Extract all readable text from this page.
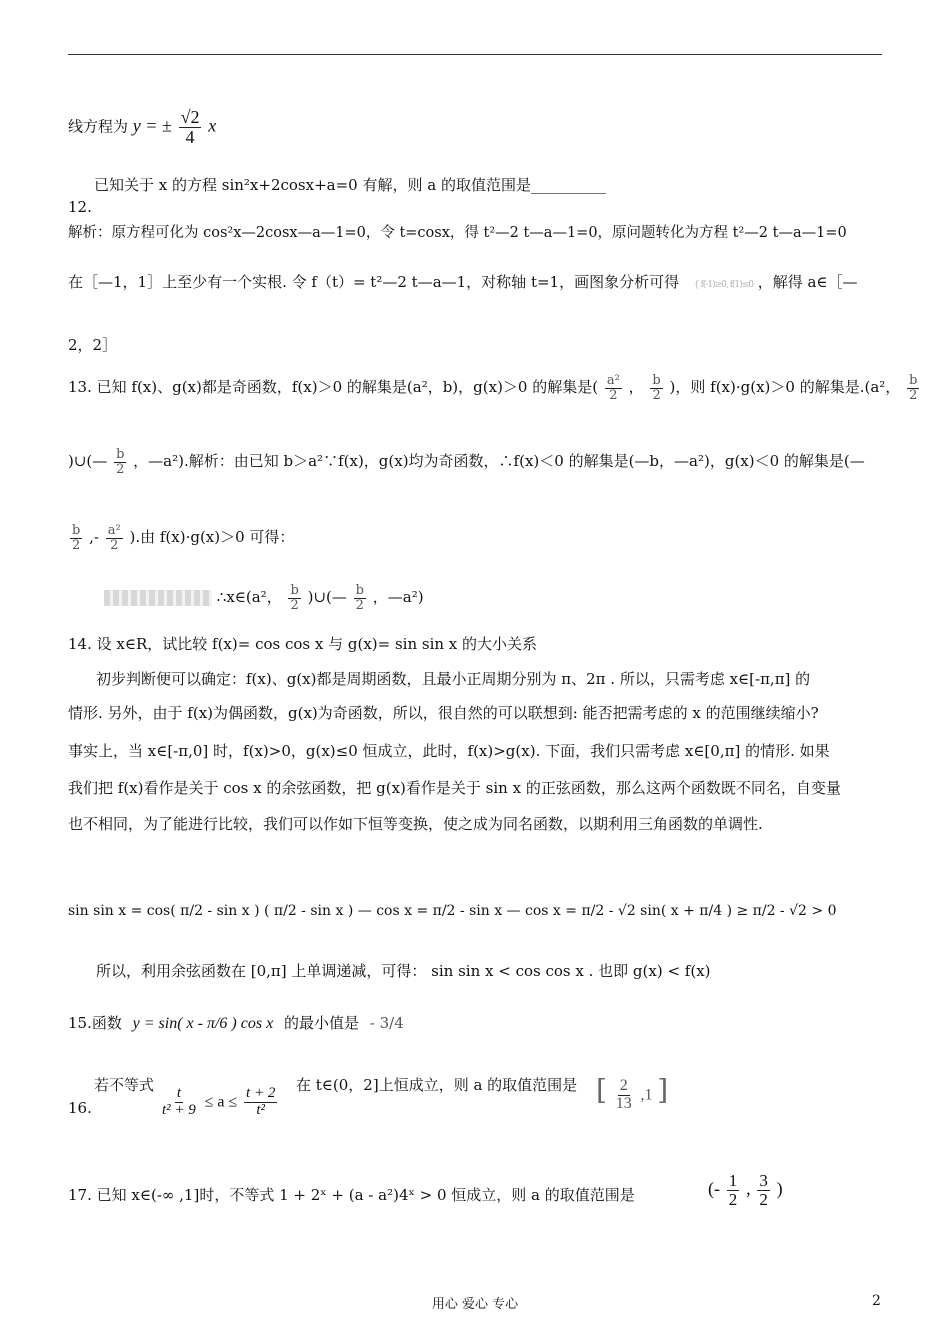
线方程为 y = ± $\frac{√2}{4}$ x
已知关于 x 的方程 sin²x+2cosx+a=0 有解，则 a 的取值范围是__________
12.
解析：原方程可化为 cos²x—2cosx—a—1=0，令 t=cosx，得 t²—2 t—a—1=0，原问题转化为方程 t²—2 t—a—1=0
在［—1，1］上至少有一个实根. 令 f（t）= t²—2 t—a—1，对称轴 t=1，画图象分析可得 { f(-1)≥0, f(1)≤0 ，解得 a∈［—
2，2］
13. 已知 f(x)、g(x)都是奇函数，f(x)＞0 的解集是(a²，b)，g(x)＞0 的解集是( $\frac{\text{a²}}{2}$ ， $\frac{b}{2}$ )，则 f(x)·g(x)＞0 的解集是.(a²， $\frac{b}{2}$
)∪(— $\frac{b}{2}$ ，—a²).解析：由已知 b＞a²∵f(x)，g(x)均为奇函数，∴f(x)＜0 的解集是(—b，—a²)，g(x)＜0 的解集是(—
$\frac{b}{2}$ ,- $\frac{\text{a²}}{2}$ ).由 f(x)·g(x)＞0 可得：
∴x∈(a²， $\frac{b}{2}$ )∪(— $\frac{b}{2}$ ，—a²)
14. 设 x∈R，试比较 f(x)= cos cos x 与 g(x)= sin sin x 的大小关系
初步判断便可以确定：f(x)、g(x)都是周期函数，且最小正周期分别为 π、2π . 所以，只需考虑 x∈[-π,π] 的
情形. 另外，由于 f(x)为偶函数，g(x)为奇函数，所以，很自然的可以联想到: 能否把需考虑的 x 的范围继续缩小?
事实上，当 x∈[-π,0] 时，f(x)>0，g(x)≤0 恒成立，此时，f(x)>g(x). 下面，我们只需考虑 x∈[0,π] 的情形. 如果
我们把 f(x)看作是关于 cos x 的余弦函数，把 g(x)看作是关于 sin x 的正弦函数，那么这两个函数既不同名，自变量
也不相同，为了能进行比较，我们可以作如下恒等变换，使之成为同名函数，以期利用三角函数的单调性.
sin sin x = cos( π/2 - sin x ) ( π/2 - sin x ) — cos x = π/2 - sin x — cos x = π/2 - √2 sin( x + π/4 ) ≥ π/2 - √2 > 0
所以，利用余弦函数在 [0,π] 上单调递减，可得： sin sin x < cos cos x . 也即 g(x) < f(x)
15.函数 y = sin( x - π/6 ) cos x 的最小值是 - 3/4
若不等式	在 t∈(0，2]上恒成立，则 a 的取值范围是
16.	$\frac{t}{\text{t² + 9}} \le a \le \frac{t + 2}{\text{t²}}$	[ $\frac{2}{13} ,1$ ]
17. 已知 x∈(-∞ ,1]时，不等式 1 + 2ˣ + (a - a²)4ˣ > 0 恒成立，则 a 的取值范围是	(- $\frac{1}{2}$ , $\frac{3}{2}$ )
用心 爱心 专心	2
